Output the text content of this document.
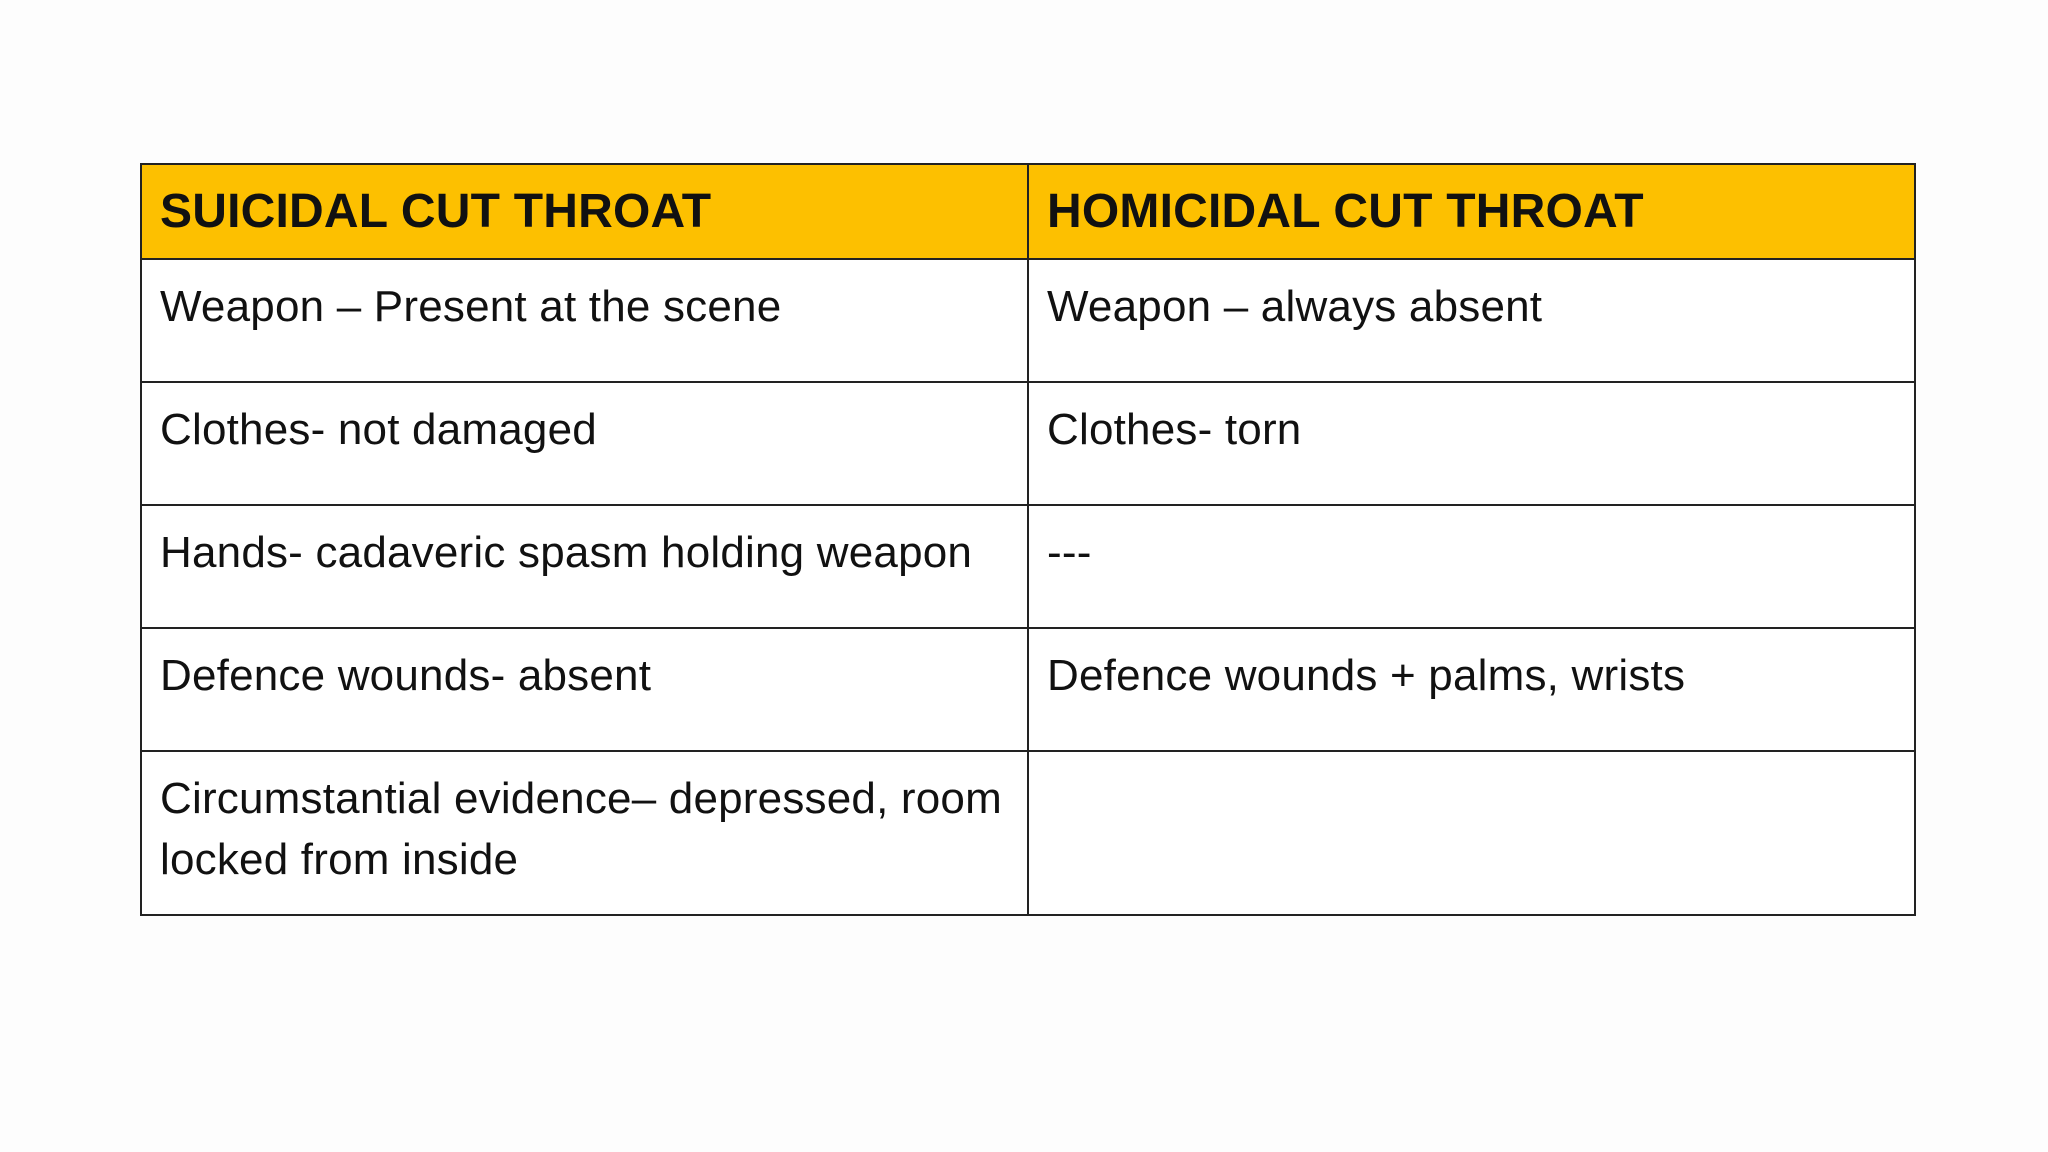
SUICIDAL CUT THROAT	HOMICIDAL CUT THROAT
Weapon – Present at the scene	Weapon – always absent
Clothes- not damaged	Clothes- torn
Hands- cadaveric spasm holding weapon	---
Defence wounds- absent	Defence wounds + palms, wrists
Circumstantial evidence– depressed, room locked from inside	
